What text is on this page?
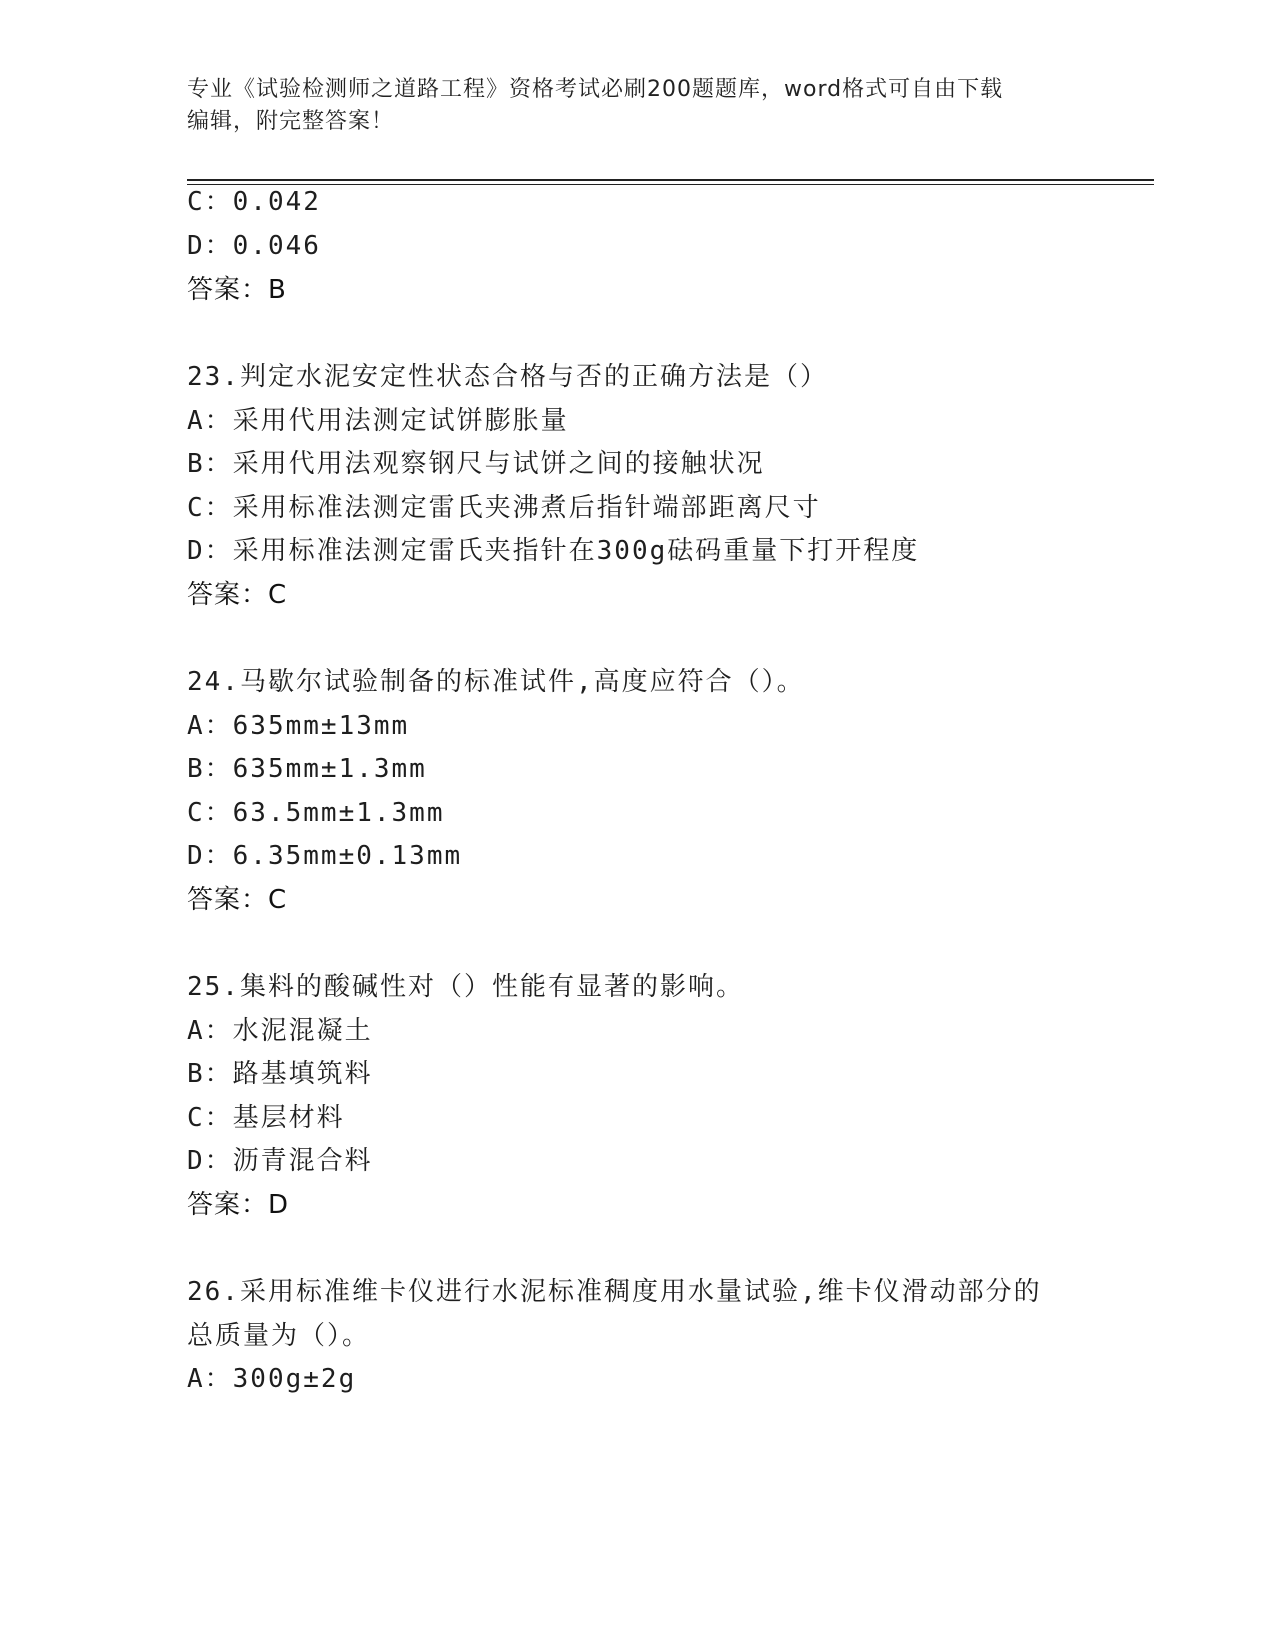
专业《试验检测师之道路工程》资格考试必刷200题题库，word格式可自由下载
编辑，附完整答案！
C：0.042
D：0.046
答案：B
23.判定水泥安定性状态合格与否的正确方法是（）
A：采用代用法测定试饼膨胀量
B：采用代用法观察钢尺与试饼之间的接触状况
C：采用标准法测定雷氏夹沸煮后指针端部距离尺寸
D：采用标准法测定雷氏夹指针在300g砝码重量下打开程度
答案：C
24.马歇尔试验制备的标准试件,高度应符合（）。
A：635mm±13mm
B：635mm±1.3mm
C：63.5mm±1.3mm
D：6.35mm±0.13mm
答案：C
25.集料的酸碱性对（）性能有显著的影响。
A：水泥混凝土
B：路基填筑料
C：基层材料
D：沥青混合料
答案：D
26.采用标准维卡仪进行水泥标准稠度用水量试验,维卡仪滑动部分的
总质量为（）。
A：300g±2g
